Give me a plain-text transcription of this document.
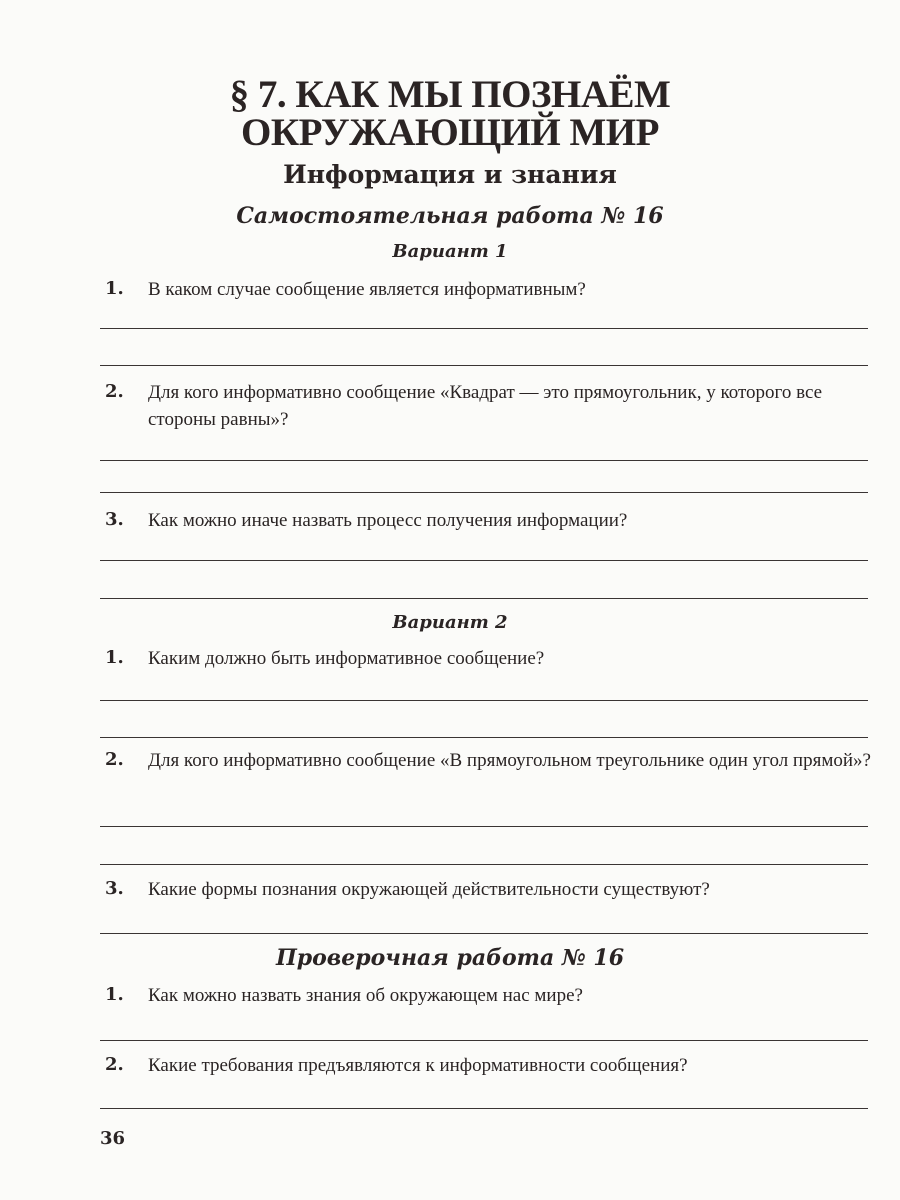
§ 7. КАК МЫ ПОЗНАЁМ
ОКРУЖАЮЩИЙ МИР
Информация и знания
Самостоятельная работа № 16
Вариант 1
1. В каком случае сообщение является информативным?
2. Для кого информативно сообщение «Квадрат — это прямоугольник, у которого все стороны равны»?
3. Как можно иначе назвать процесс получения информации?
Вариант 2
1. Каким должно быть информативное сообщение?
2. Для кого информативно сообщение «В прямоугольном треугольнике один угол прямой»?
3. Какие формы познания окружающей действительности существуют?
Проверочная работа № 16
1. Как можно назвать знания об окружающем нас мире?
2. Какие требования предъявляются к информативности сообщения?
36
